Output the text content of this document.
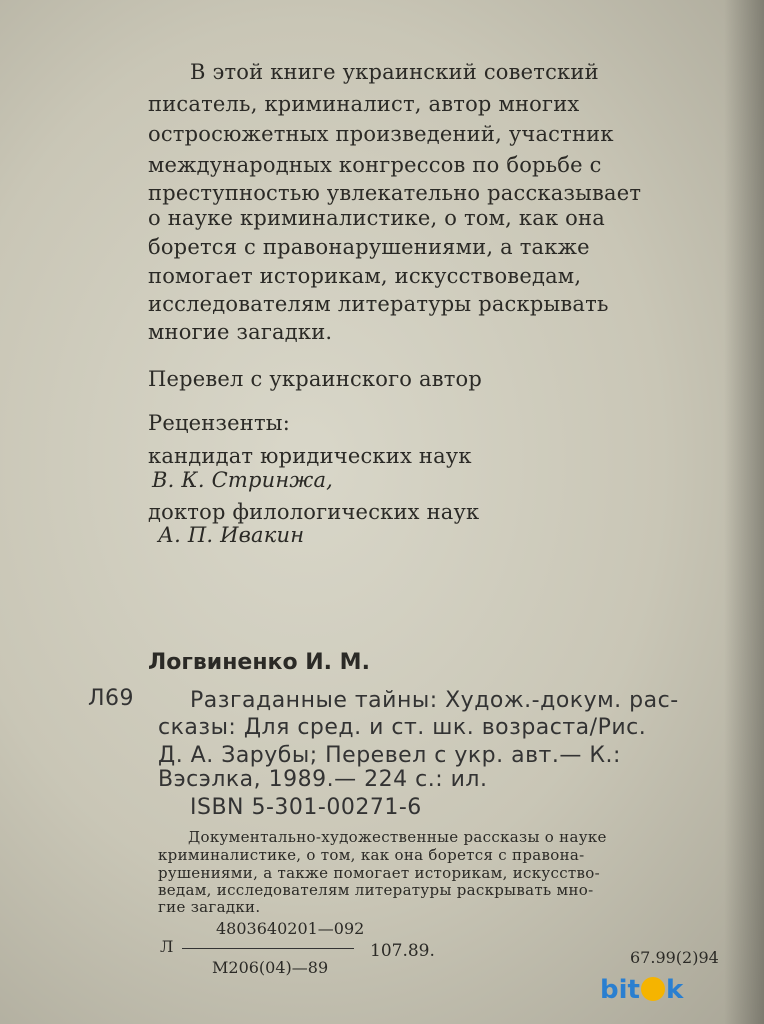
В этой книге украинский советский
писатель, криминалист, автор многих
остросюжетных произведений, участник
международных конгрессов по борьбе с
преступностью увлекательно рассказывает
о науке криминалистике, о том, как она
борется с правонарушениями, а также
помогает историкам, искусствоведам,
исследователям литературы раскрывать
многие загадки.
Перевел с украинского автор
Рецензенты:
кандидат юридических наук
В. К. Стринжа,
доктор филологических наук
А. П. Ивакин
Логвиненко И. М.
Л69	Разгаданные тайны: Худож.-докум. рас-
сказы: Для сред. и ст. шк. возраста/Рис.
Д. А. Зарубы; Перевел с укр. авт.— К.:
Вэсэлка, 1989.— 224 с.: ил.
ISBN 5-301-00271-6
Документально-художественные рассказы о науке
криминалистике, о том, как она борется с правона-
рушениями, а также помогает историкам, искусство-
ведам, исследователям литературы раскрывать мно-
гие загадки.
4803640201—092
Л	107.89.
М206(04)—89
67.99(2)94
bit k
